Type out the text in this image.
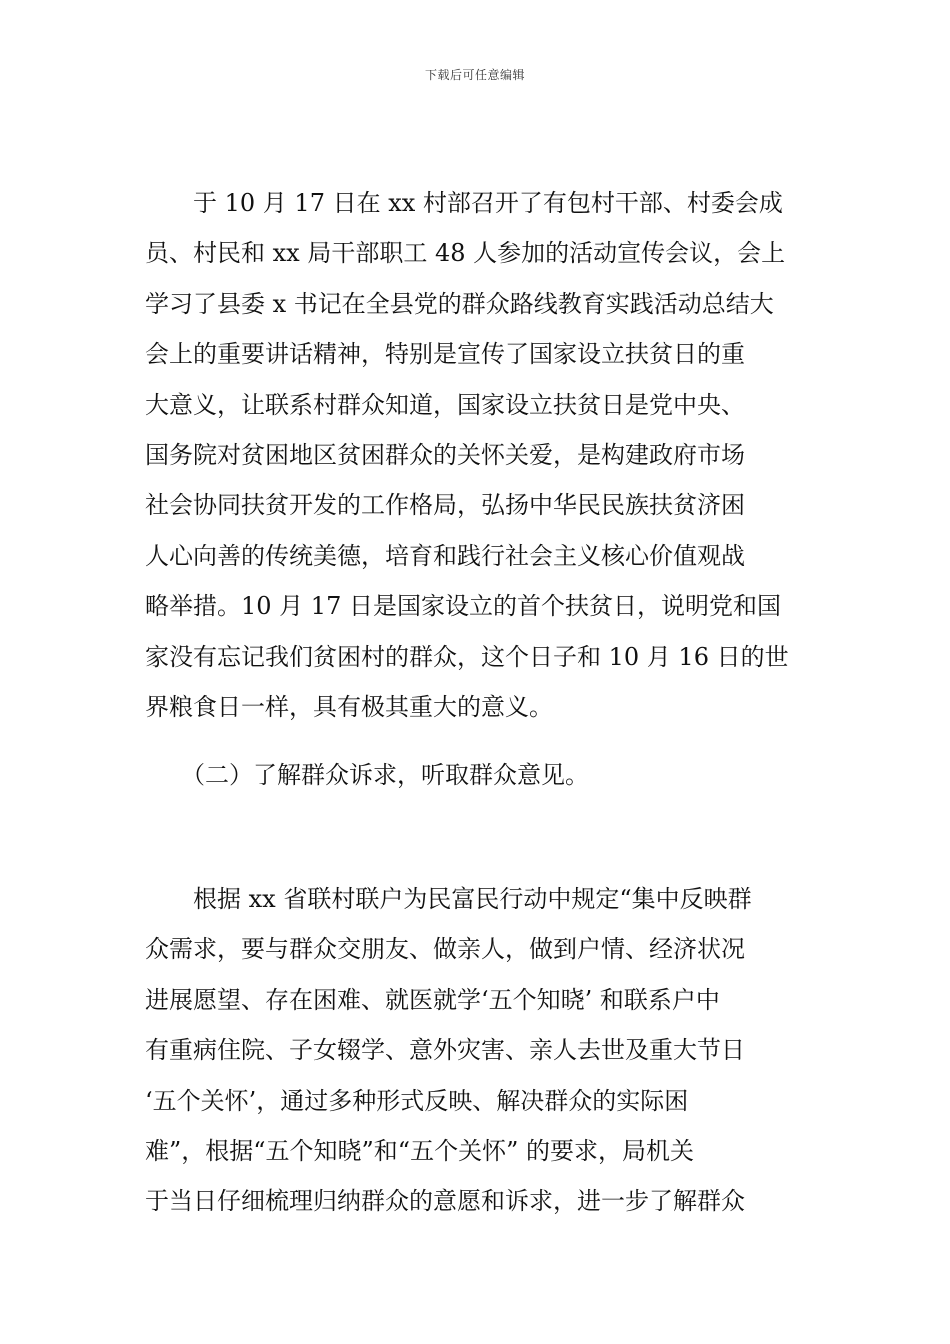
下载后可任意编辑

　　于 10 月 17 日在 xx 村部召开了有包村干部、村委会成
员、村民和 xx 局干部职工 48 人参加的活动宣传会议，会上
学习了县委 x 书记在全县党的群众路线教育实践活动总结大
会上的重要讲话精神，特别是宣传了国家设立扶贫日的重
大意义，让联系村群众知道，国家设立扶贫日是党中央、
国务院对贫困地区贫困群众的关怀关爱，是构建政府市场
社会协同扶贫开发的工作格局，弘扬中华民民族扶贫济困
人心向善的传统美德，培育和践行社会主义核心价值观战
略举措。10 月 17 日是国家设立的首个扶贫日，说明党和国
家没有忘记我们贫困村的群众，这个日子和 10 月 16 日的世
界粮食日一样，具有极其重大的意义。

　　（二）了解群众诉求，听取群众意见。

　　根据 xx 省联村联户为民富民行动中规定“集中反映群
众需求，要与群众交朋友、做亲人，做到户情、经济状况
进展愿望、存在困难、就医就学‘五个知晓’ 和联系户中
有重病住院、子女辍学、意外灾害、亲人去世及重大节日
‘五个关怀’，通过多种形式反映、解决群众的实际困
难”，根据“五个知晓”和“五个关怀” 的要求，局机关
于当日仔细梳理归纳群众的意愿和诉求，进一步了解群众
